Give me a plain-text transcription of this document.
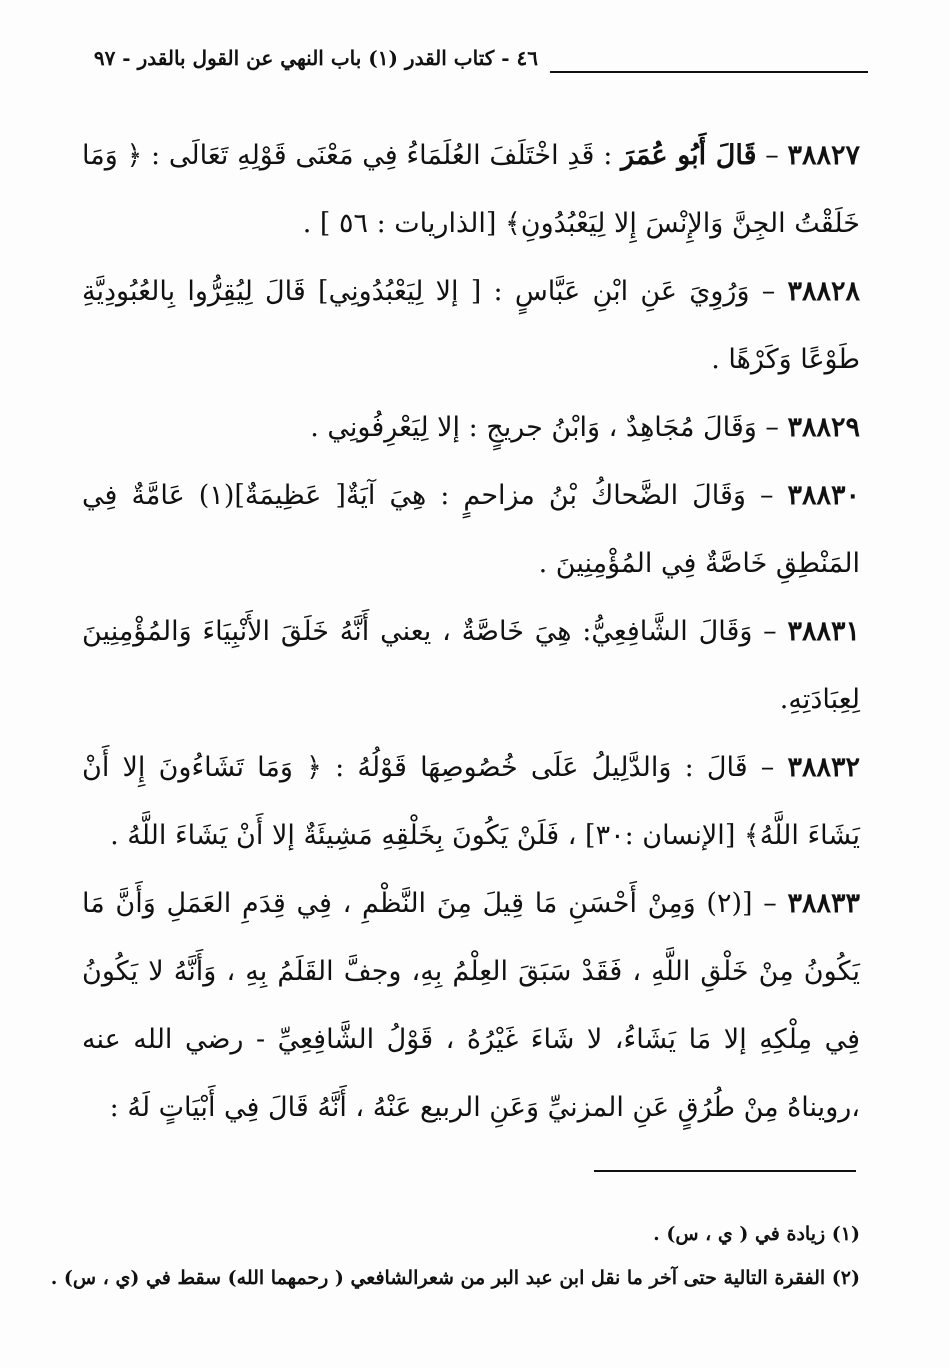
٤٦ - كتاب القدر (١) باب النهي عن القول بالقدر - ٩٧

٣٨٨٢٧ – قَالَ أَبُو عُمَرَ : قَدِ اخْتَلَفَ العُلَمَاءُ فِي مَعْنَى قَوْلِهِ تَعَالَى : ﴿ وَمَا خَلَقْتُ الجِنَّ وَالإِنْسَ إِلا لِيَعْبُدُونِ﴾ [الذاريات : ٥٦ ] .

٣٨٨٢٨ – وَرُوِيَ عَنِ ابْنِ عَبَّاسٍ : [ إلا لِيَعْبُدُونِي] قَالَ لِيُقِرُّوا بِالعُبُودِيَّةِ طَوْعًا وَكَرْهًا .

٣٨٨٢٩ – وَقَالَ مُجَاهِدٌ ، وَابْنُ جريجٍ : إلا لِيَعْرِفُونِي .

٣٨٨٣٠ – وَقَالَ الضَّحاكُ بْنُ مزاحمٍ : هِيَ آيَةٌ[ عَظِيمَةٌ](١) عَامَّةٌ فِي المَنْطِقِ خَاصَّةٌ فِي المُؤْمِنِينَ .

٣٨٨٣١ – وَقَالَ الشَّافِعِيُّ: هِيَ خَاصَّةٌ ، يعني أَنَّهُ خَلَقَ الأَنْبِيَاءَ وَالمُؤْمِنِينَ لِعِبَادَتِهِ.

٣٨٨٣٢ – قَالَ : وَالدَّلِيلُ عَلَى خُصُوصِهَا قَوْلُهُ : ﴿ وَمَا تَشَاءُونَ إِلا أَنْ يَشَاءَ اللَّهُ﴾ [الإنسان :٣٠] ، فَلَنْ يَكُونَ بِخَلْقِهِ مَشِيئَةٌ إلا أَنْ يَشَاءَ اللَّهُ .

٣٨٨٣٣ – [(٢) وَمِنْ أَحْسَنِ مَا قِيلَ مِنَ النَّظْمِ ، فِي قِدَمِ العَمَلِ وَأَنَّ مَا يَكُونُ مِنْ خَلْقِ اللَّهِ ، فَقَدْ سَبَقَ العِلْمُ بِهِ، وجفَّ القَلَمُ بِهِ ، وَأَنَّهُ لا يَكُونُ فِي مِلْكِهِ إلا مَا يَشَاءُ، لا شَاءَ غَيْرُهُ ، قَوْلُ الشَّافِعِيِّ - رضي الله عنه ،رويناهُ مِنْ طُرُقٍ عَنِ المزنيِّ وَعَنِ الربيع عَنْهُ ، أَنَّهُ قَالَ فِي أَبْيَاتٍ لَهُ :

(١) زيادة في ( ي ، س) .

(٢) الفقرة التالية حتى آخر ما نقل ابن عبد البر من شعرالشافعي ( رحمهما الله) سقط في (ي ، س) .
